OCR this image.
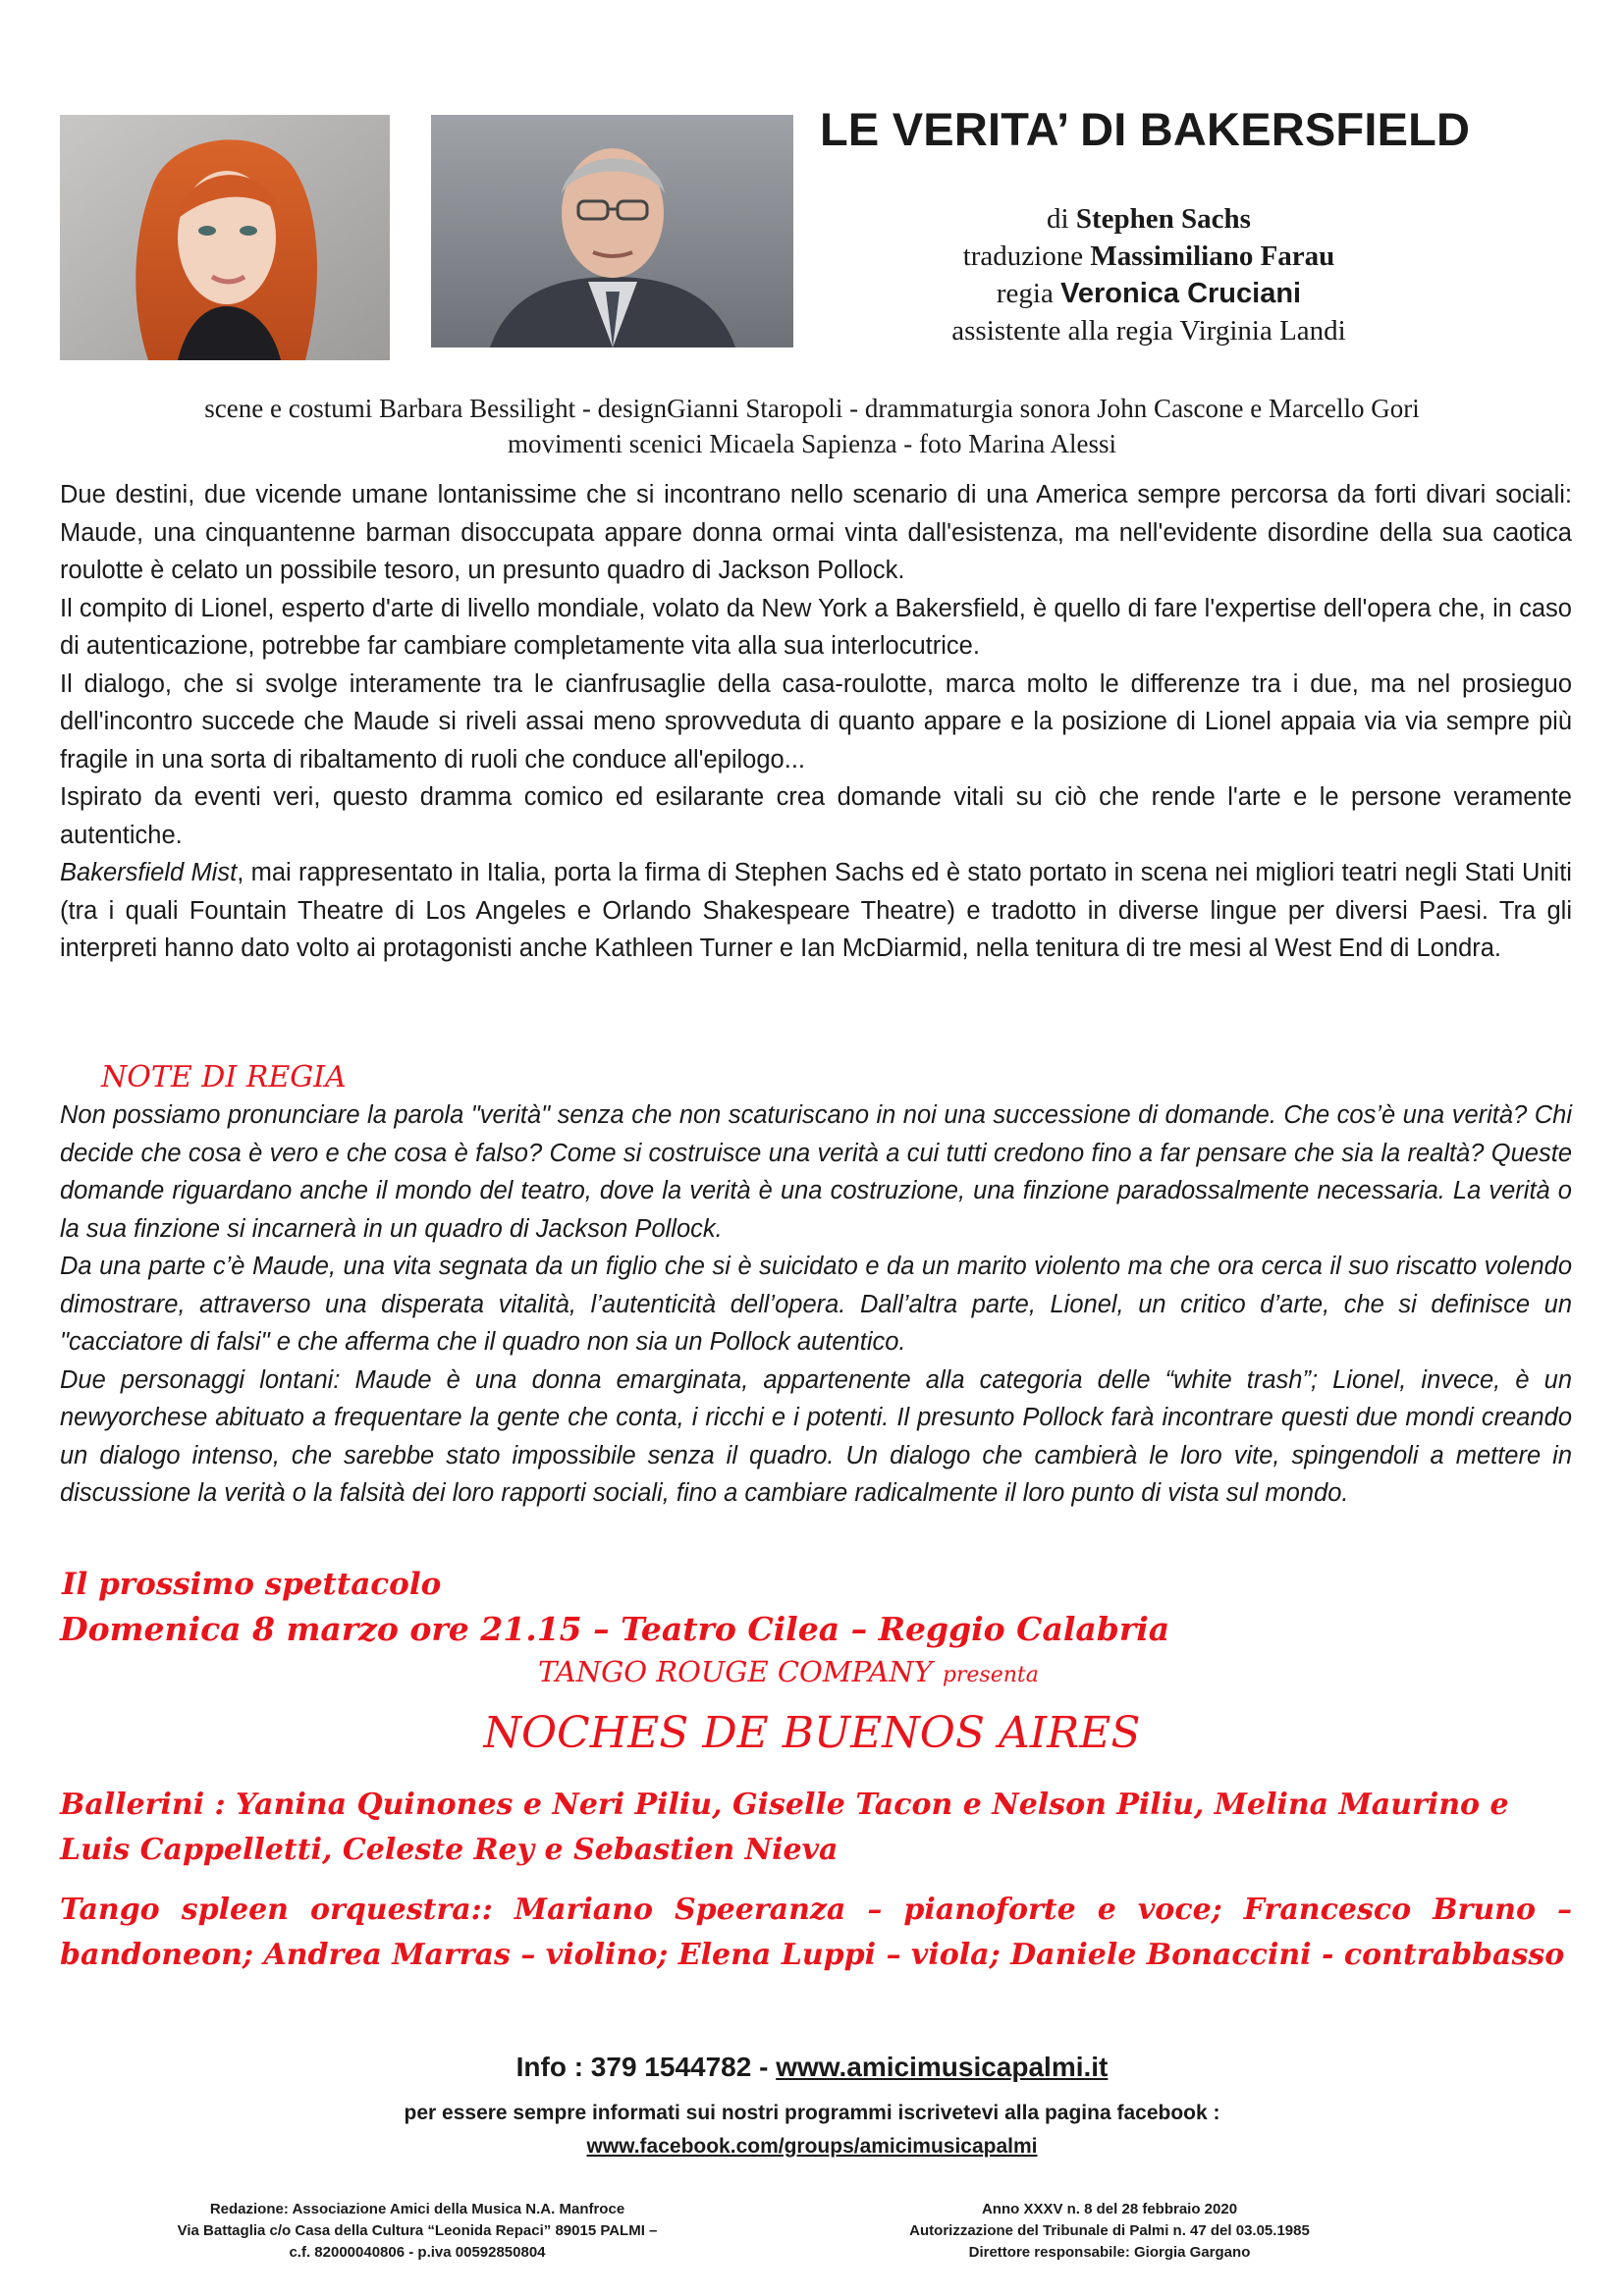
LE VERITA’ DI BAKERSFIELD
di Stephen Sachs
traduzione Massimiliano Farau
regia Veronica Cruciani
assistente alla regia Virginia Landi
scene e costumi Barbara Bessilight - designGianni Staropoli - drammaturgia sonora John Cascone e Marcello Gori
movimenti scenici Micaela Sapienza - foto Marina Alessi

Due destini, due vicende umane lontanissime che si incontrano nello scenario di una America sempre percorsa da forti divari sociali: Maude, una cinquantenne barman disoccupata appare donna ormai vinta dall'esistenza, ma nell'evidente disordine della sua caotica roulotte è celato un possibile tesoro, un presunto quadro di Jackson Pollock.

Il compito di Lionel, esperto d'arte di livello mondiale, volato da New York a Bakersfield, è quello di fare l'expertise dell'opera che, in caso di autenticazione, potrebbe far cambiare completamente vita alla sua interlocutrice.

Il dialogo, che si svolge interamente tra le cianfrusaglie della casa-roulotte, marca molto le differenze tra i due, ma nel prosieguo dell'incontro succede che Maude si riveli assai meno sprovveduta di quanto appare e la posizione di Lionel appaia via via sempre più fragile in una sorta di ribaltamento di ruoli che conduce all'epilogo...

Ispirato da eventi veri, questo dramma comico ed esilarante crea domande vitali su ciò che rende l'arte e le persone veramente autentiche.

Bakersfield Mist, mai rappresentato in Italia, porta la firma di Stephen Sachs ed è stato portato in scena nei migliori teatri negli Stati Uniti (tra i quali Fountain Theatre di Los Angeles e Orlando Shakespeare Theatre) e tradotto in diverse lingue per diversi Paesi. Tra gli interpreti hanno dato volto ai protagonisti anche Kathleen Turner e Ian McDiarmid, nella tenitura di tre mesi al West End di Londra.

NOTE DI REGIA

Non possiamo pronunciare la parola "verità" senza che non scaturiscano in noi una successione di domande. Che cos’è una verità? Chi decide che cosa è vero e che cosa è falso? Come si costruisce una verità a cui tutti credono fino a far pensare che sia la realtà? Queste domande riguardano anche il mondo del teatro, dove la verità è una costruzione, una finzione paradossalmente necessaria. La verità o la sua finzione si incarnerà in un quadro di Jackson Pollock.

Da una parte c’è Maude, una vita segnata da un figlio che si è suicidato e da un marito violento ma che ora cerca il suo riscatto volendo dimostrare, attraverso una disperata vitalità, l’autenticità dell’opera. Dall’altra parte, Lionel, un critico d’arte, che si definisce un "cacciatore di falsi" e che afferma che il quadro non sia un Pollock autentico.

Due personaggi lontani: Maude è una donna emarginata, appartenente alla categoria delle “white trash”; Lionel, invece, è un newyorchese abituato a frequentare la gente che conta, i ricchi e i potenti. Il presunto Pollock farà incontrare questi due mondi creando un dialogo intenso, che sarebbe stato impossibile senza il quadro. Un dialogo che cambierà le loro vite, spingendoli a mettere in discussione la verità o la falsità dei loro rapporti sociali, fino a cambiare radicalmente il loro punto di vista sul mondo.

Il prossimo spettacolo
Domenica 8 marzo ore 21.15 – Teatro Cilea – Reggio Calabria
TANGO ROUGE COMPANY presenta
NOCHES DE BUENOS AIRES
Ballerini : Yanina Quinones e Neri Piliu, Giselle Tacon e Nelson Piliu, Melina Maurino e Luis Cappelletti, Celeste Rey e Sebastien Nieva
Tango spleen orquestra:: Mariano Speeranza – pianoforte e voce; Francesco Bruno – bandoneon; Andrea Marras – violino; Elena Luppi – viola; Daniele Bonaccini - contrabbasso
Info : 379 1544782 - www.amicimusicapalmi.it
per essere sempre informati sui nostri programmi iscrivetevi alla pagina facebook :
www.facebook.com/groups/amicimusicapalmi
Redazione: Associazione Amici della Musica N.A. Manfroce
Via Battaglia c/o Casa della Cultura “Leonida Repaci” 89015 PALMI –
c.f. 82000040806 - p.iva 00592850804
Anno XXXV n. 8 del 28 febbraio 2020
Autorizzazione del Tribunale di Palmi n. 47 del 03.05.1985
Direttore responsabile: Giorgia Gargano
